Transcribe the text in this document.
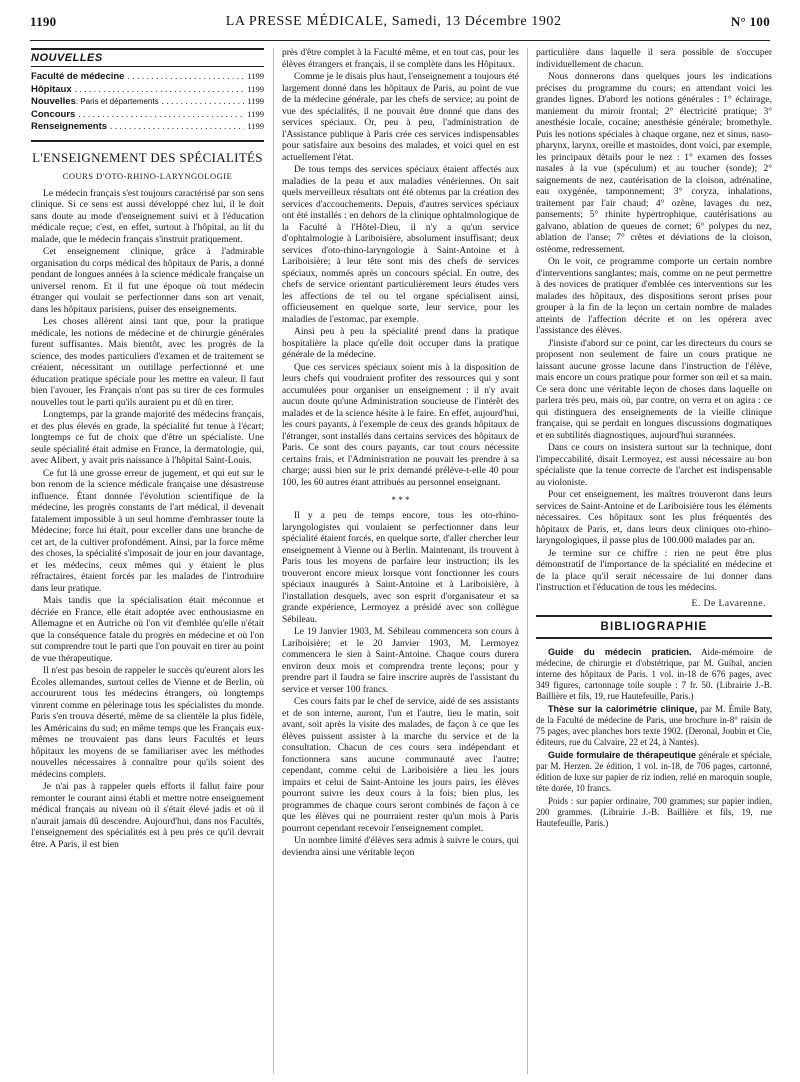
1190	LA PRESSE MÉDICALE, Samedi, 13 Décembre 1902	N° 100
NOUVELLES
Faculté de médecine . . .	1199
Hôpitaux . . .	1199
Nouvelles : Paris et départements . . .	1199
Concours . . .	1199
Renseignements . . .	1199
L'ENSEIGNEMENT DES SPÉCIALITÉS
COURS D'OTO-RHINO-LARYNGOLOGIE

Le médecin français s'est toujours caractérisé par son sens clinique. Si ce sens est aussi développé chez lui, il le doit sans doute au mode d'enseignement suivi et à l'éducation médicale reçue; c'est, en effet, surtout à l'hôpital, au lit du malade, que le médecin français s'instruit pratiquement.

Cet enseignement clinique, grâce à l'admirable organisation du corps médical des hôpitaux de Paris, a donné pendant de longues années à la science médicale française un universel renom. Et il fut une époque où tout médecin étranger qui voulait se perfectionner dans son art venait, dans les hôpitaux parisiens, puiser des enseignements.

Les choses allèrent ainsi tant que, pour la pratique médicale, les notions de médecine et de chirurgie générales furent suffisantes. Mais bientôt, avec les progrès de la science, des modes particuliers d'examen et de traitement se créaient, nécessitant un outillage perfectionné et une éducation pratique spéciale pour les mettre en valeur. Il faut bien l'avouer, les Français n'ont pas su tirer de ces formules nouvelles tout le parti qu'ils auraient pu et dû en tirer.

Longtemps, par la grande majorité des médecins français, et des plus élevés en grade, la spécialité fut tenue à l'écart; longtemps ce fut de choix que d'être un spécialiste. Une seule spécialité était admise en France, la dermatologie, qui, avec Alibert, y avait pris naissance à l'hôpital Saint-Louis.

Ce fut là une grosse erreur de jugement, et qui eut sur le bon renom de la science médicale française une désastreuse influence. Étant donnée l'évolution scientifique de la médecine, les progrès constants de l'art médical, il devenait fatalement impossible à un seul homme d'embrasser toute la Médecine; force lui était, pour exceller dans une branche de cet art, de la cultiver profondément. Ainsi, par la force même des choses, la spécialité s'imposait de jour en jour davantage, et les médecins, ceux mêmes qui y étaient le plus réfractaires, étaient forcés par les malades de l'introduire dans leur pratique.

Mais tandis que la spécialisation était méconnue et décriée en France, elle était adoptée avec enthousiasme en Allemagne et en Autriche où l'on vit d'emblée qu'elle n'était que la conséquence fatale du progrès en médecine et où l'on sut comprendre tout le parti que l'on pouvait en tirer au point de vue thérapeutique.

Il n'est pas besoin de rappeler le succès qu'eurent alors les Écoles allemandes, surtout celles de Vienne et de Berlin, où accoururent tous les médecins étrangers, où longtemps vinrent comme en pèlerinage tous les spécialistes du monde. Paris s'en trouva déserté, même de sa clientèle la plus fidèle, les Américains du sud; en même temps que les Français eux-mêmes ne trouvaient pas dans leurs Facultés et leurs hôpitaux les moyens de se familiariser avec les méthodes nouvelles nécessaires à connaître pour qu'ils soient des médecins complets.

Je n'ai pas à rappeler quels efforts il fallut faire pour remonter le courant ainsi établi et mettre notre enseignement médical français au niveau où il s'était élevé jadis et où il n'aurait jamais dû descendre. Aujourd'hui, dans nos Facultés, l'enseignement des spécialités est à peu près ce qu'il devrait être. A Paris, il est bien

près d'être complet à la Faculté même, et en tout cas, pour les élèves étrangers et français, il se complète dans les Hôpitaux.

Comme je le disais plus haut, l'enseignement a toujours été largement donné dans les hôpitaux de Paris, au point de vue de la médecine générale, par les chefs de service; au point de vue des spécialités, il ne pouvait être donné que dans des services spéciaux. Or, peu à peu, l'administration de l'Assistance publique à Paris crée ces services indispensables pour satisfaire aux besoins des malades, et voici quel en est actuellement l'état.

De tous temps des services spéciaux étaient affectés aux maladies de la peau et aux maladies vénériennes. On sait quels merveilleux résultats ont été obtenus par la création des services d'accouchements. Depuis, d'autres services spéciaux ont été installés : en dehors de la clinique ophtalmologique de la Faculté à l'Hôtel-Dieu, il n'y a qu'un service d'ophtalmologie à Lariboisière, absolument insuffisant; deux services d'oto-rhino-laryngologie à Saint-Antoine et à Lariboisière; à leur tête sont mis des chefs de services spéciaux, nommés après un concours spécial. En outre, des chefs de service orientant particulièrement leurs études vers les affections de tel ou tel organe spécialisent ainsi, officieusement en quelque sorte, leur service, pour les maladies de l'estomac, par exemple.

Ainsi peu à peu la spécialité prend dans la pratique hospitalière la place qu'elle doit occuper dans la pratique générale de la médecine.

Que ces services spéciaux soient mis à la disposition de leurs chefs qui voudraient profiter des ressources qui y sont accumulées pour organiser un enseignement : il n'y avait aucun doute qu'une Administration soucieuse de l'intérêt des malades et de la science hésite à le faire. En effet, aujourd'hui, les cours payants, à l'exemple de ceux des grands hôpitaux de l'étranger, sont installés dans certains services des hôpitaux de Paris. Ce sont des cours payants, car tout cours nécessite certains frais, et l'Administration ne pouvait les prendre à sa charge; aussi bien sur le prix demandé prélève-t-elle 40 pour 100, les 60 autres étant attribués au personnel enseignant.

* * *

Il y a peu de temps encore, tous les oto-rhino-laryngologistes qui voulaient se perfectionner dans leur spécialité étaient forcés, en quelque sorte, d'aller chercher leur enseignement à Vienne ou à Berlin. Maintenant, ils trouvent à Paris tous les moyens de parfaire leur instruction; ils les trouveront encore mieux lorsque vont fonctionner les cours spéciaux inaugurés à Saint-Antoine et à Lariboisière, à l'installation desquels, avec son esprit d'organisateur et sa grande expérience, Lermoyez a présidé avec son collègue Sébileau.

Le 19 Janvier 1903, M. Sébileau commencera son cours à Lariboisière; et le 20 Janvier 1903, M. Lermoyez commencera le sien à Saint-Antoine. Chaque cours durera environ deux mois et comprendra trente leçons; pour y prendre part il faudra se faire inscrire auprès de l'assistant du service et verser 100 francs.

Ces cours faits par le chef de service, aidé de ses assistants et de son interne, auront, l'un et l'autre, lieu le matin, soit avant, soit après la visite des malades, de façon à ce que les élèves puissent assister à la marche du service et de la consultation. Chacun de ces cours sera indépendant et fonctionnera sans aucune communauté avec l'autre; cependant, comme celui de Lariboisière a lieu les jours impairs et celui de Saint-Antoine les jours pairs, les élèves pourront suivre les deux cours à la fois; bien plus, les programmes de chaque cours seront combinés de façon à ce que les élèves qui ne pourraient rester qu'un mois à Paris pourront cependant recevoir l'enseignement complet.

Un nombre limité d'élèves sera admis à suivre le cours, qui deviendra ainsi une véritable leçon

particulière dans laquelle il sera possible de s'occuper individuellement de chacun.

Nous donnerons dans quelques jours les indications précises du programme du cours; en attendant voici les grandes lignes. D'abord les notions générales : 1° éclairage, maniement du miroir frontal; 2° électricité pratique; 3° anesthésie locale, cocaïne; anesthésie générale; bromethyle. Puis les notions spéciales à chaque organe, nez et sinus, naso-pharynx, larynx, oreille et mastoïdes, dont voici, par exemple, les principaux détails pour le nez : 1° examen des fosses nasales à la vue (spéculum) et au toucher (sonde); 2° saignements de nez, cautérisation de la cloison, adrénaline, eau oxygénée, tamponnement; 3° coryza, inhalations, traitement par l'air chaud; 4° ozène, lavages du nez, pansements; 5° rhinite hypertrophique, cautérisations au galvano, ablation de queues de cornet; 6° polypes du nez, ablation de l'anse; 7° crêtes et déviations de la cloison, ostéome, redressement.

On le voit, ce programme comporte un certain nombre d'interventions sanglantes; mais, comme on ne peut permettre à des novices de pratiquer d'emblée ces interventions sur les malades des hôpitaux, des dispositions seront prises pour grouper à la fin de la leçon un certain nombre de malades atteints de l'affection décrite et on les opérera avec l'assistance des élèves.

J'insiste d'abord sur ce point, car les directeurs du cours se proposent non seulement de faire un cours pratique ne laissant aucune grosse lacune dans l'instruction de l'élève, mais encore un cours pratique pour former son œil et sa main. Ce sera donc une véritable leçon de choses dans laquelle on parlera très peu, mais où, par contre, on verra et on agira : ce qui distinguera des enseignements de la vieille clinique française, qui se perdait en longues discussions dogmatiques et en subtilités diagnostiques, aujourd'hui surannées.

Dans ce cours on insistera surtout sur la technique, dont l'impeccabilité, disait Lermoyez, est aussi nécessaire au bon spécialiste que la tenue correcte de l'archet est indispensable au violoniste.

Pour cet enseignement, les maîtres trouveront dans leurs services de Saint-Antoine et de Lariboisière tous les éléments nécessaires. Ces hôpitaux sont les plus fréquentés des hôpitaux de Paris, et, dans leurs deux cliniques oto-rhino-laryngologiques, il passe plus de 100.000 malades par an.

Je termine sur ce chiffre : rien ne peut être plus démonstratif de l'importance de la spécialité en médecine et de la place qu'il serait nécessaire de lui donner dans l'instruction et l'éducation de tous les médecins.

E. De Lavarenne.
BIBLIOGRAPHIE
Guide du médecin praticien. Aide-mémoire de médecine, de chirurgie et d'obstétrique, par M. Guibal, ancien interne des hôpitaux de Paris. 1 vol. in-18 de 676 pages, avec 349 figures, cartonnage toile souple : 7 fr. 50. (Librairie J.-B. Baillière et fils, 19, rue Hautefeuille, Paris.)
Thèse sur la calorimétrie clinique, par M. Émile Baty, de la Faculté de médecine de Paris, une brochure in-8° raisin de 75 pages, avec planches hors texte 1902. (Deronal, Joubin et Cie, éditeurs, rue du Calvaire, 22 et 24, à Nantes).
Guide formulaire de thérapeutique générale et spéciale, par M. Herzen. 2e édition, 1 vol. in-18, de 706 pages, cartonné, édition de luxe sur papier de riz indien, relié en maroquin souple, tête dorée, 10 francs.
Poids : sur papier ordinaire, 700 grammes; sur papier indien, 200 grammes. (Librairie J.-B. Baillière et fils, 19, rue Hautefeuille, Paris.)
